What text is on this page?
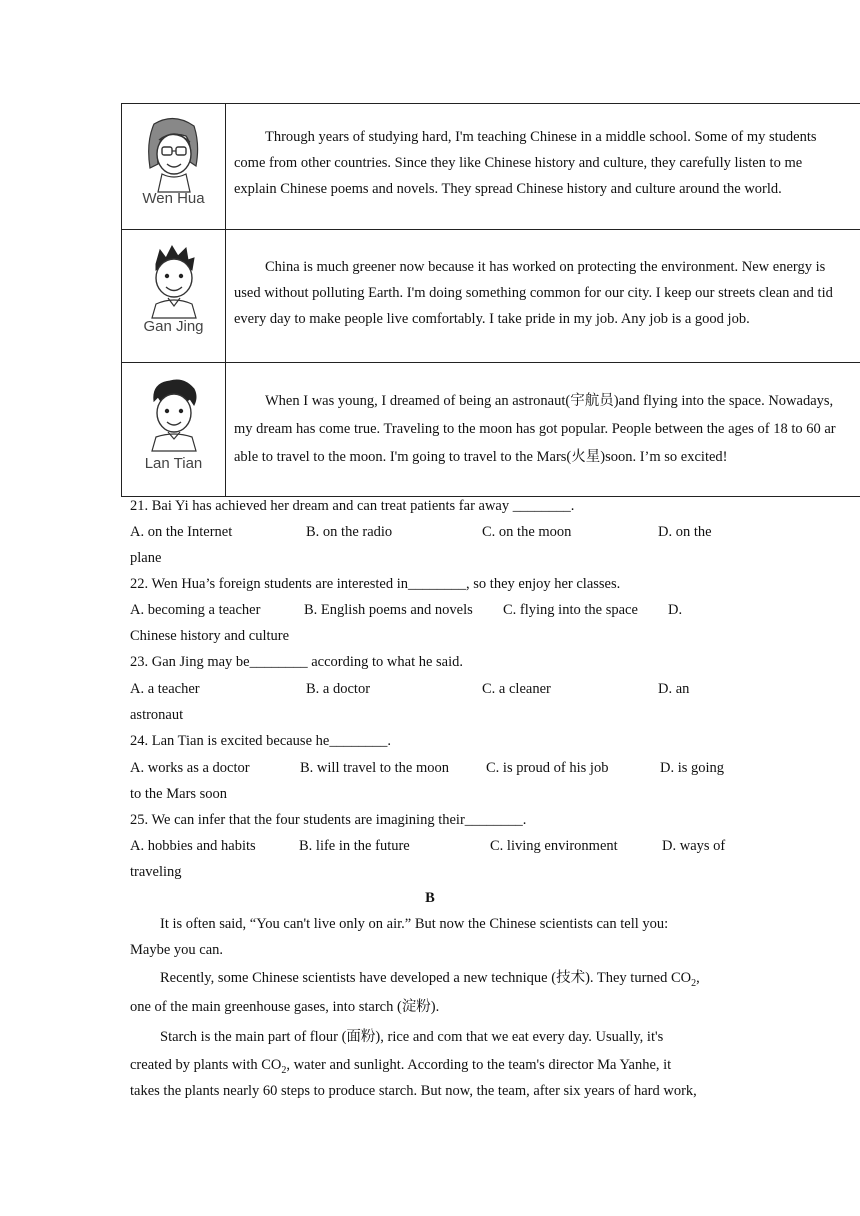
Wen Hua
Through years of studying hard, I'm teaching Chinese in a middle school. Some of my students
come from other countries. Since they like Chinese history and culture, they carefully listen to me
explain Chinese poems and novels. They spread Chinese history and culture around the world.
Gan Jing
China is much greener now because it has worked on protecting the environment. New energy is
used without polluting Earth. I'm doing something common for our city. I keep our streets clean and tid
every day to make people live comfortably. I take pride in my job. Any job is a good job.
Lan Tian
When I was young, I dreamed of being an astronaut(宇航员)and flying into the space. Nowadays,
my dream has come true. Traveling to the moon has got popular. People between the ages of 18 to 60 ar
able to travel to the moon. I'm going to travel to the Mars(火星)soon. I’m so excited!
21. Bai Yi has achieved her dream and can treat patients far away ________.
A. on the Internet	B. on the radio	C. on the moon	D. on the
plane
22. Wen Hua’s foreign students are interested in________, so they enjoy her classes.
A. becoming a teacher	B. English poems and novels C. flying into the space D.
Chinese history and culture
23. Gan Jing may be________ according to what he said.
A. a teacher	B. a doctor	C. a cleaner	D. an
astronaut
24. Lan Tian is excited because he________.
A. works as a doctor	B. will travel to the moon	C. is proud of his job	D. is going
to the Mars soon
25. We can infer that the four students are imagining their________.
A. hobbies and habits	B. life in the future	C. living environment	D. ways of
traveling
B
It is often said, “You can't live only on air.” But now the Chinese scientists can tell you:
Maybe you can.
Recently, some Chinese scientists have developed a new technique (技术). They turned $CO_2$,
one of the main greenhouse gases, into starch (淀粉).
Starch is the main part of flour (面粉), rice and com that we eat every day. Usually, it's
created by plants with $CO_2$, water and sunlight. According to the team's director Ma Yanhe, it
takes the plants nearly 60 steps to produce starch. But now, the team, after six years of hard work,
